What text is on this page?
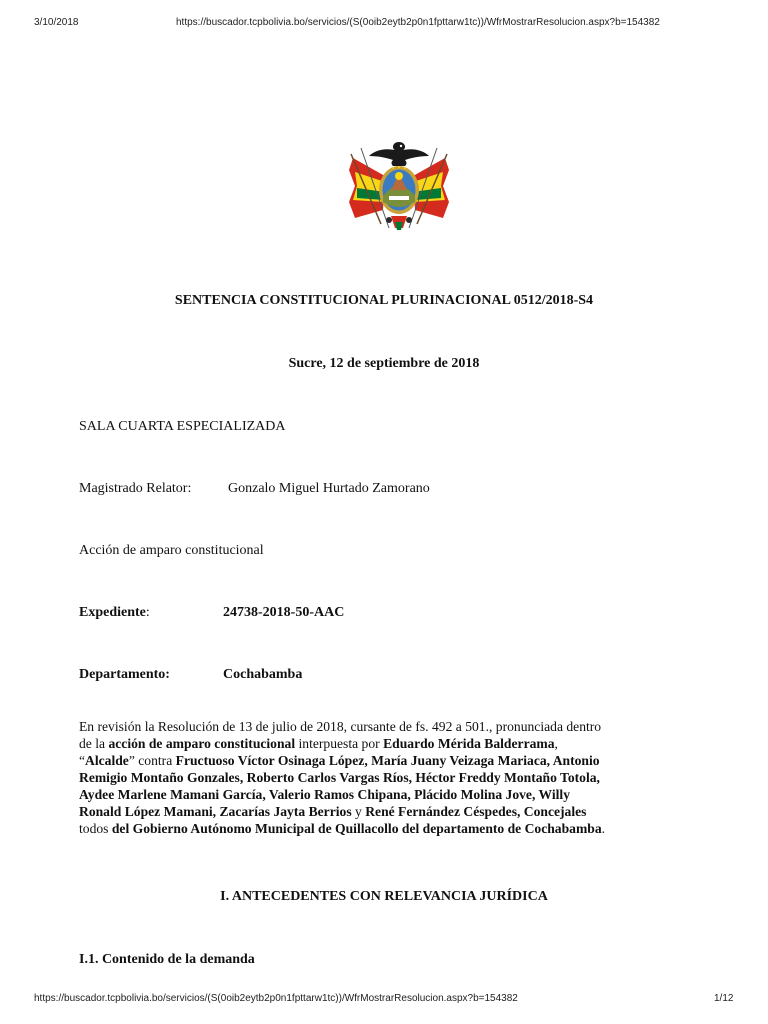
3/10/2018	https://buscador.tcpbolivia.bo/servicios/(S(0oib2eytb2p0n1fpttarw1tc))/WfrMostrarResolucion.aspx?b=154382
SENTENCIA CONSTITUCIONAL PLURINACIONAL 0512/2018-S4
Sucre, 12 de septiembre de 2018
SALA CUARTA ESPECIALIZADA
Magistrado Relator:	Gonzalo Miguel Hurtado Zamorano
Acción de amparo constitucional
Expediente:	24738-2018-50-AAC
Departamento:	Cochabamba

En revisión la Resolución de 13 de julio de 2018, cursante de fs. 492 a 501., pronunciada dentro

de la acción de amparo constitucional interpuesta por Eduardo Mérida Balderrama,

“Alcalde” contra Fructuoso Víctor Osinaga López, María Juany Veizaga Mariaca, Antonio

Remigio Montaño Gonzales, Roberto Carlos Vargas Ríos, Héctor Freddy Montaño Totola,

Aydee Marlene Mamani García, Valerio Ramos Chipana, Plácido Molina Jove, Willy

Ronald López Mamani, Zacarías Jayta Berrios y René Fernández Céspedes, Concejales

todos del Gobierno Autónomo Municipal de Quillacollo del departamento de Cochabamba.

I. ANTECEDENTES CON RELEVANCIA JURÍDICA
I.1. Contenido de la demanda
https://buscador.tcpbolivia.bo/servicios/(S(0oib2eytb2p0n1fpttarw1tc))/WfrMostrarResolucion.aspx?b=154382	1/12
